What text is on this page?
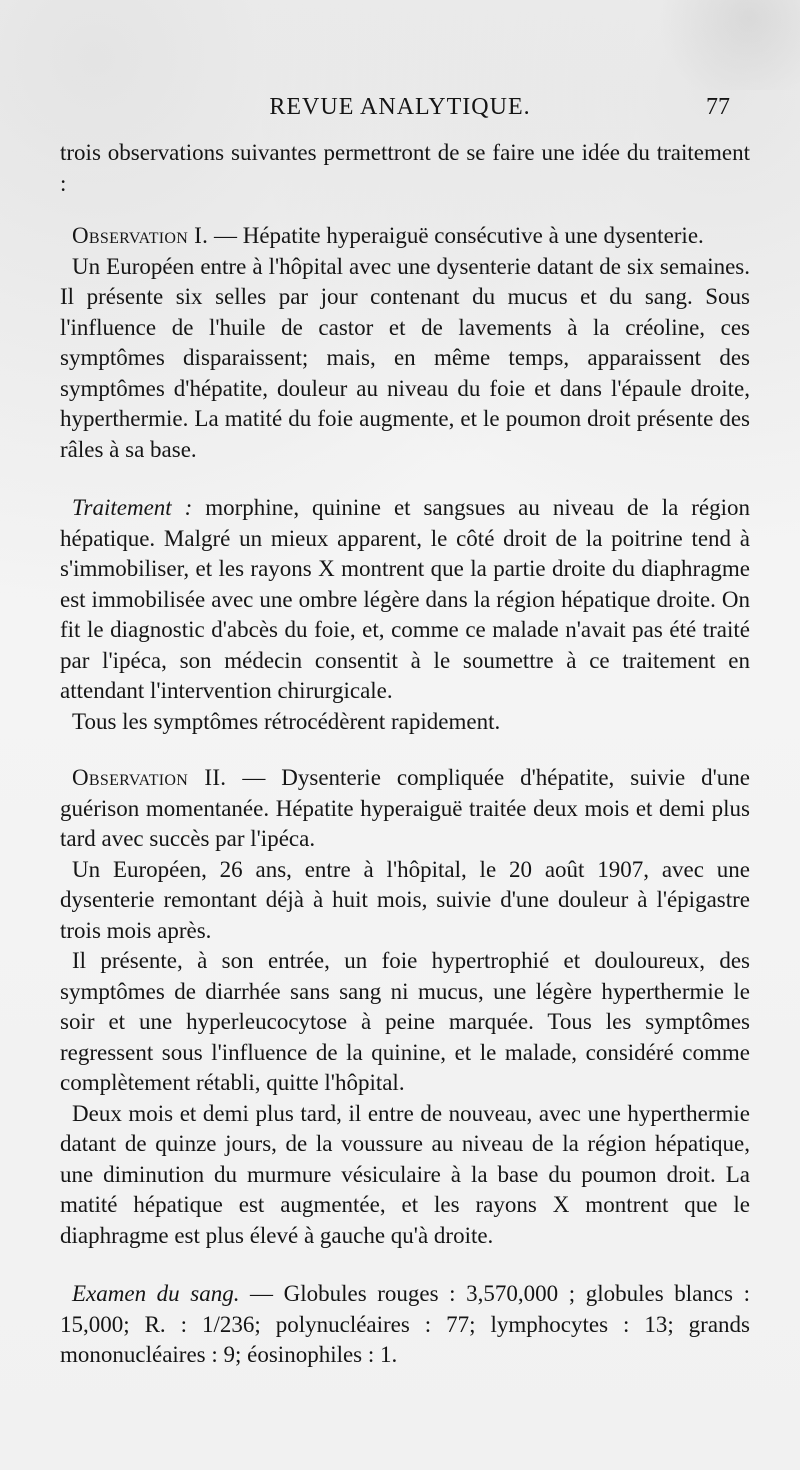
REVUE ANALYTIQUE.	77

trois observations suivantes permettront de se faire une idée du traitement :

Observation I. — Hépatite hyperaiguë consécutive à une dysenterie.

Un Européen entre à l'hôpital avec une dysenterie datant de six semaines. Il présente six selles par jour contenant du mucus et du sang. Sous l'influence de l'huile de castor et de lavements à la créoline, ces symptômes disparaissent; mais, en même temps, apparaissent des symptômes d'hépatite, douleur au niveau du foie et dans l'épaule droite, hyperthermie. La matité du foie augmente, et le poumon droit présente des râles à sa base.

Traitement : morphine, quinine et sangsues au niveau de la région hépatique. Malgré un mieux apparent, le côté droit de la poitrine tend à s'immobiliser, et les rayons X montrent que la partie droite du diaphragme est immobilisée avec une ombre légère dans la région hépatique droite. On fit le diagnostic d'abcès du foie, et, comme ce malade n'avait pas été traité par l'ipéca, son médecin consentit à le soumettre à ce traitement en attendant l'intervention chirurgicale.

Tous les symptômes rétrocédèrent rapidement.

Observation II. — Dysenterie compliquée d'hépatite, suivie d'une guérison momentanée. Hépatite hyperaiguë traitée deux mois et demi plus tard avec succès par l'ipéca.

Un Européen, 26 ans, entre à l'hôpital, le 20 août 1907, avec une dysenterie remontant déjà à huit mois, suivie d'une douleur à l'épigastre trois mois après.

Il présente, à son entrée, un foie hypertrophié et douloureux, des symptômes de diarrhée sans sang ni mucus, une légère hyperthermie le soir et une hyperleucocytose à peine marquée. Tous les symptômes regressent sous l'influence de la quinine, et le malade, considéré comme complètement rétabli, quitte l'hôpital.

Deux mois et demi plus tard, il entre de nouveau, avec une hyperthermie datant de quinze jours, de la voussure au niveau de la région hépatique, une diminution du murmure vésiculaire à la base du poumon droit. La matité hépatique est augmentée, et les rayons X montrent que le diaphragme est plus élevé à gauche qu'à droite.

Examen du sang. — Globules rouges : 3,570,000 ; globules blancs : 15,000; R. : 1/236; polynucléaires : 77; lymphocytes : 13; grands mononucléaires : 9; éosinophiles : 1.
